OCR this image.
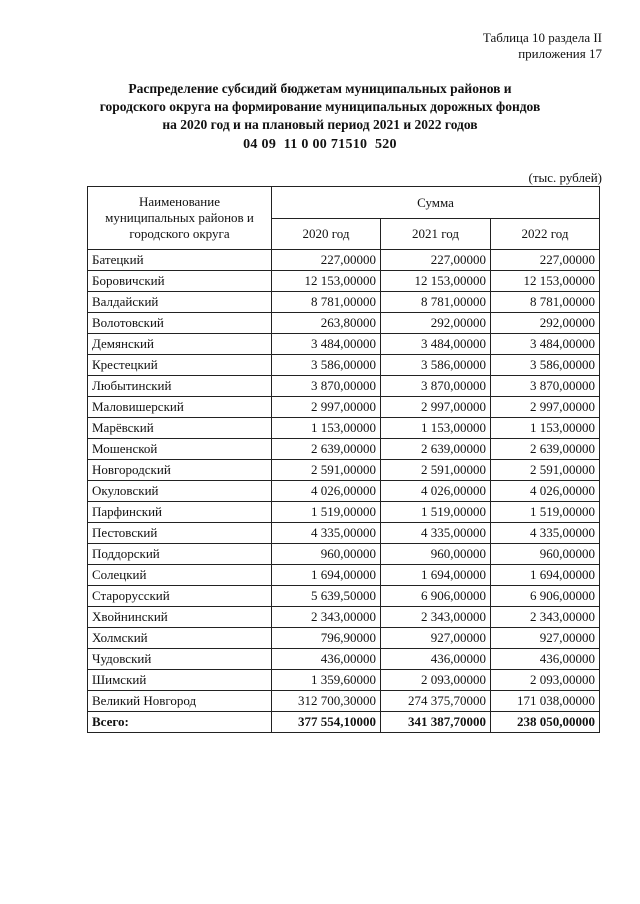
Таблица 10 раздела II
приложения 17
Распределение субсидий бюджетам муниципальных районов и
городского округа на формирование муниципальных дорожных фондов
на 2020 год и на плановый период 2021 и 2022 годов
04 09  11 0 00 71510  520
(тыс. рублей)
Наименование муниципальных районов и городского округа	Сумма		
	2020 год	2021 год	2022 год
Батецкий	227,00000	227,00000	227,00000
Боровичский	12 153,00000	12 153,00000	12 153,00000
Валдайский	8 781,00000	8 781,00000	8 781,00000
Волотовский	263,80000	292,00000	292,00000
Демянский	3 484,00000	3 484,00000	3 484,00000
Крестецкий	3 586,00000	3 586,00000	3 586,00000
Любытинский	3 870,00000	3 870,00000	3 870,00000
Маловишерский	2 997,00000	2 997,00000	2 997,00000
Марёвский	1 153,00000	1 153,00000	1 153,00000
Мошенской	2 639,00000	2 639,00000	2 639,00000
Новгородский	2 591,00000	2 591,00000	2 591,00000
Окуловский	4 026,00000	4 026,00000	4 026,00000
Парфинский	1 519,00000	1 519,00000	1 519,00000
Пестовский	4 335,00000	4 335,00000	4 335,00000
Поддорский	960,00000	960,00000	960,00000
Солецкий	1 694,00000	1 694,00000	1 694,00000
Старорусский	5 639,50000	6 906,00000	6 906,00000
Хвойнинский	2 343,00000	2 343,00000	2 343,00000
Холмский	796,90000	927,00000	927,00000
Чудовский	436,00000	436,00000	436,00000
Шимский	1 359,60000	2 093,00000	2 093,00000
Великий Новгород	312 700,30000	274 375,70000	171 038,00000
Всего:	377 554,10000	341 387,70000	238 050,00000
